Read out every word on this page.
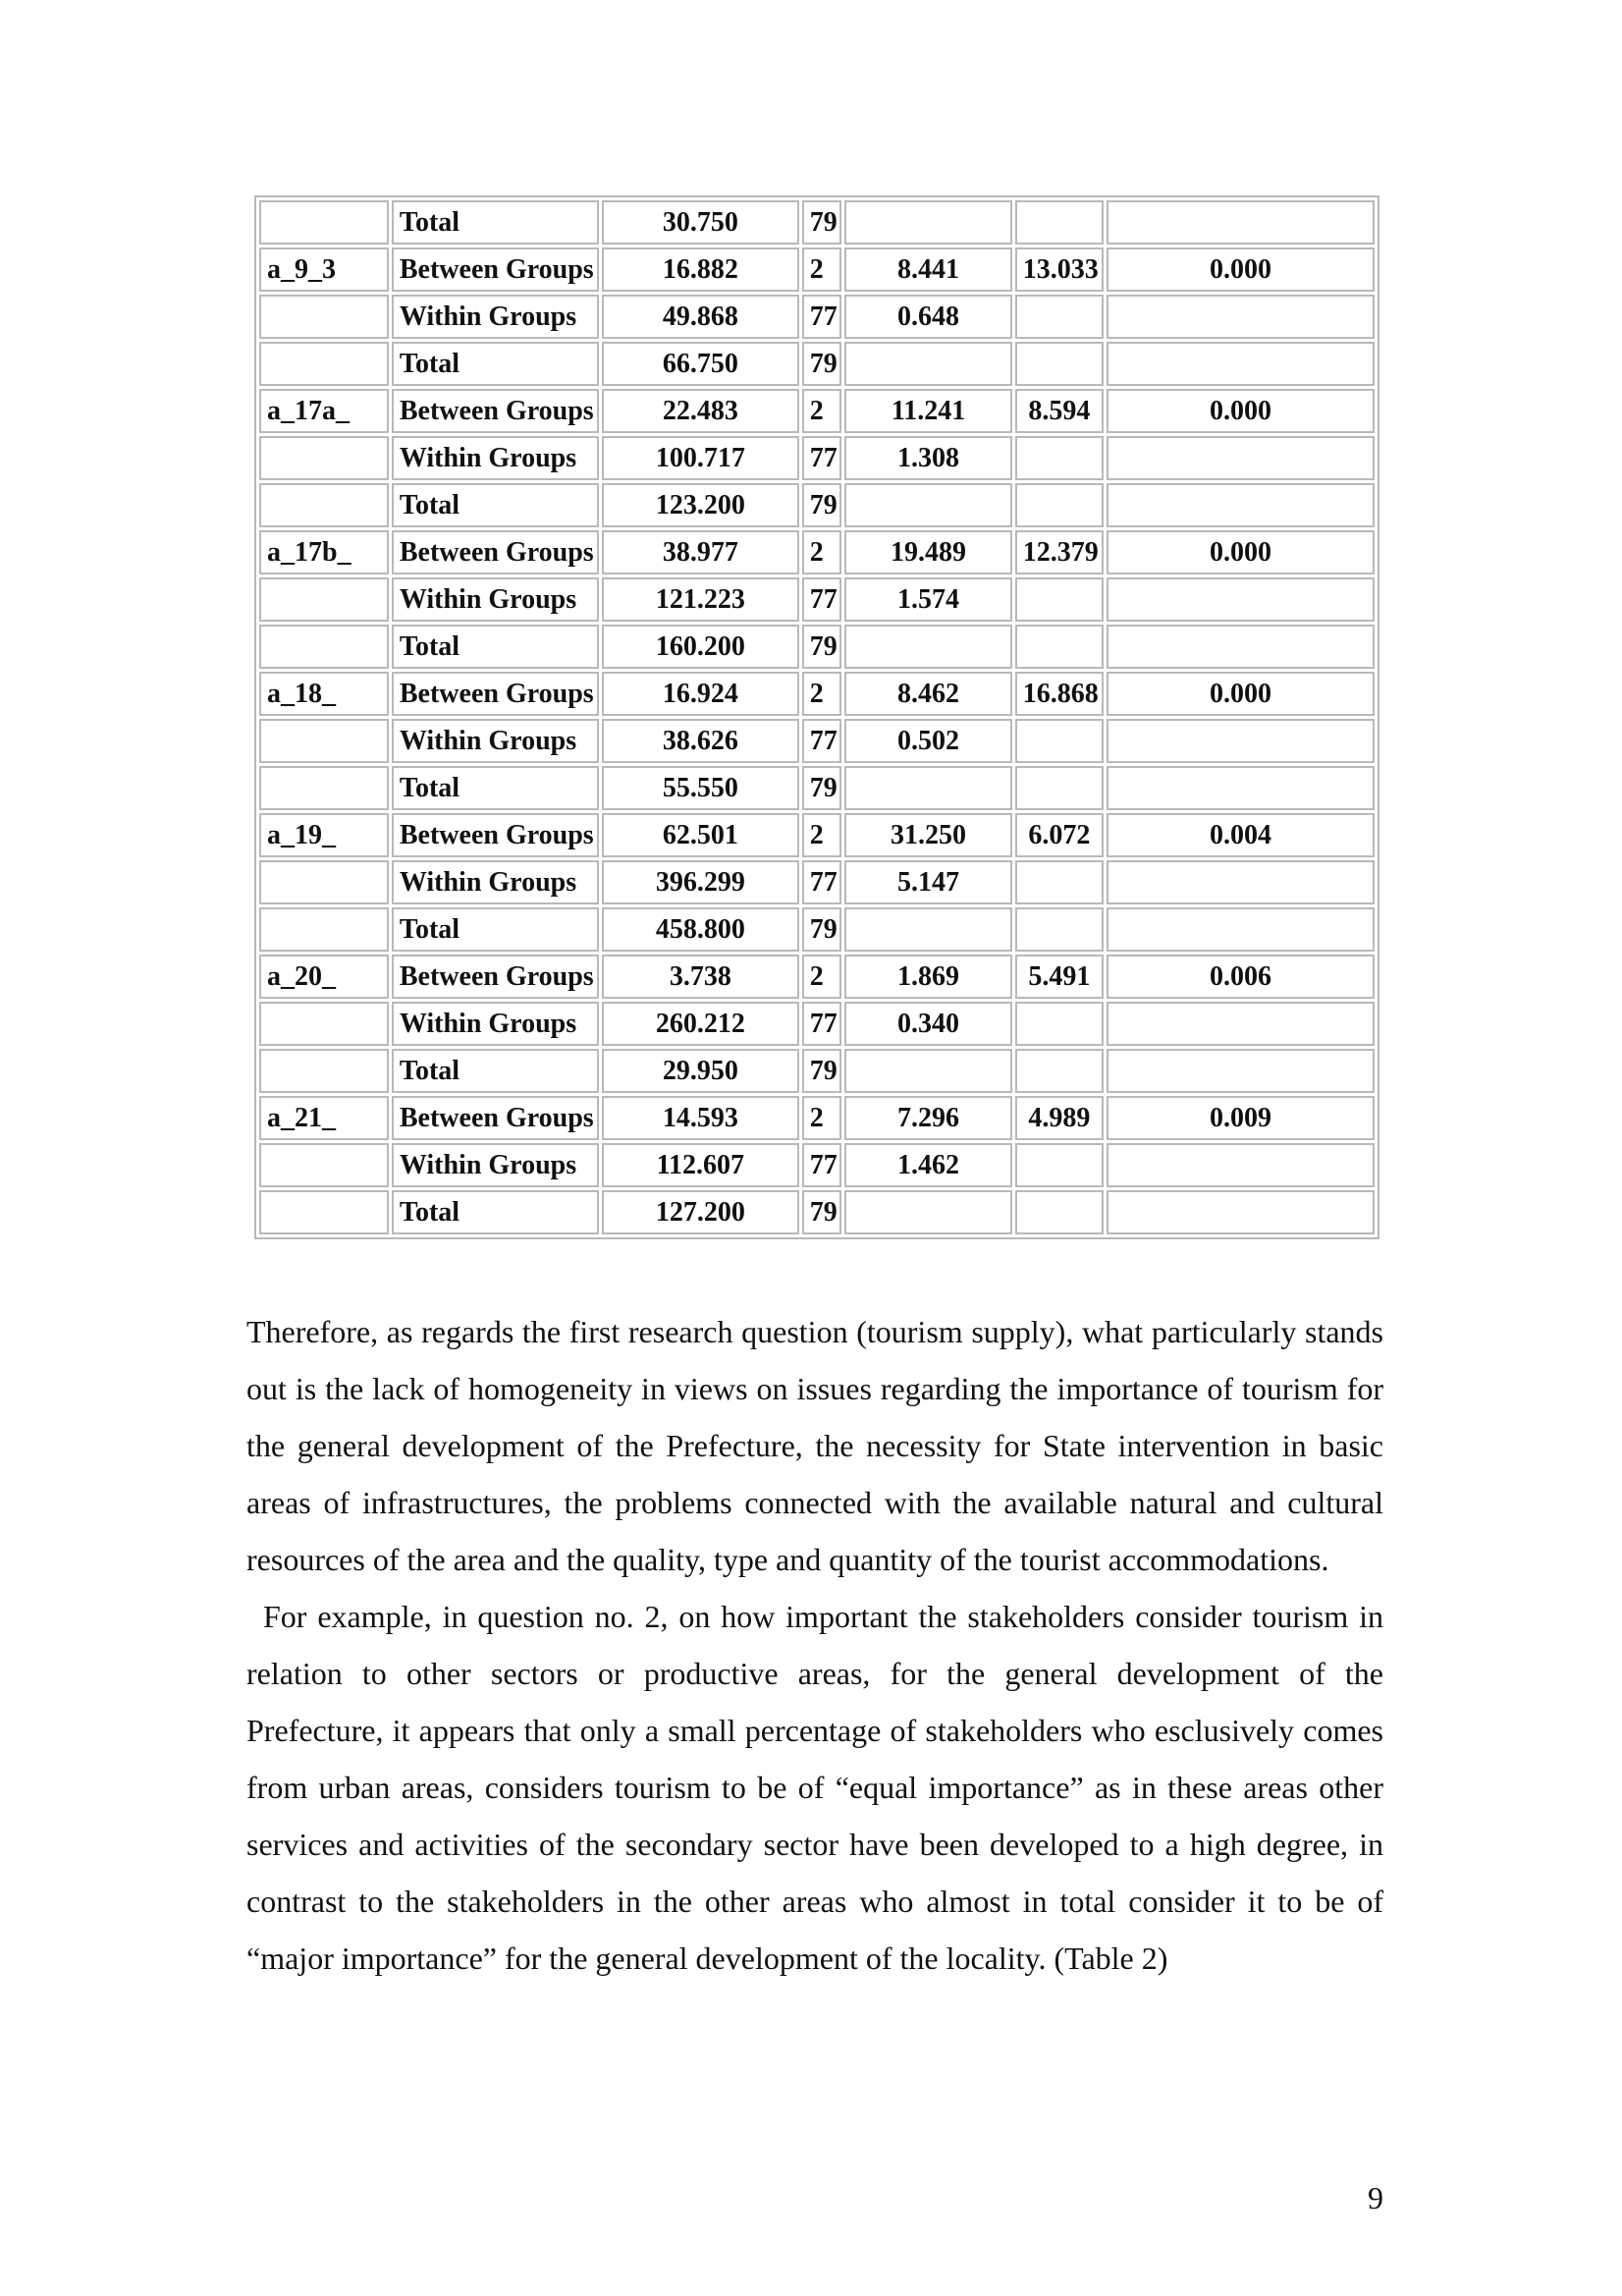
	Total	30.750	79			
a_9_3	Between Groups	16.882	2	8.441	13.033	0.000
	Within Groups	49.868	77	0.648		
	Total	66.750	79			
a_17a_	Between Groups	22.483	2	11.241	8.594	0.000
	Within Groups	100.717	77	1.308		
	Total	123.200	79			
a_17b_	Between Groups	38.977	2	19.489	12.379	0.000
	Within Groups	121.223	77	1.574		
	Total	160.200	79			
a_18_	Between Groups	16.924	2	8.462	16.868	0.000
	Within Groups	38.626	77	0.502		
	Total	55.550	79			
a_19_	Between Groups	62.501	2	31.250	6.072	0.004
	Within Groups	396.299	77	5.147		
	Total	458.800	79			
a_20_	Between Groups	3.738	2	1.869	5.491	0.006
	Within Groups	260.212	77	0.340		
	Total	29.950	79			
a_21_	Between Groups	14.593	2	7.296	4.989	0.009
	Within Groups	112.607	77	1.462		
	Total	127.200	79			

Therefore, as regards the first research question (tourism supply), what particularly stands out is the lack of homogeneity in views on issues regarding the importance of tourism for the general development of the Prefecture, the necessity for State intervention in basic areas of infrastructures, the problems connected with the available natural and cultural resources of the area and the quality, type and quantity of the tourist accommodations.

For example, in question no. 2, on how important the stakeholders consider tourism in relation to other sectors or productive areas, for the general development of the Prefecture, it appears that only a small percentage of stakeholders who esclusively comes from urban areas, considers tourism to be of “equal importance” as in these areas other services and activities of the secondary sector have been developed to a high degree, in contrast to the stakeholders in the other areas who almost in total consider it to be of “major importance” for the general development of the locality. (Table 2)

9
